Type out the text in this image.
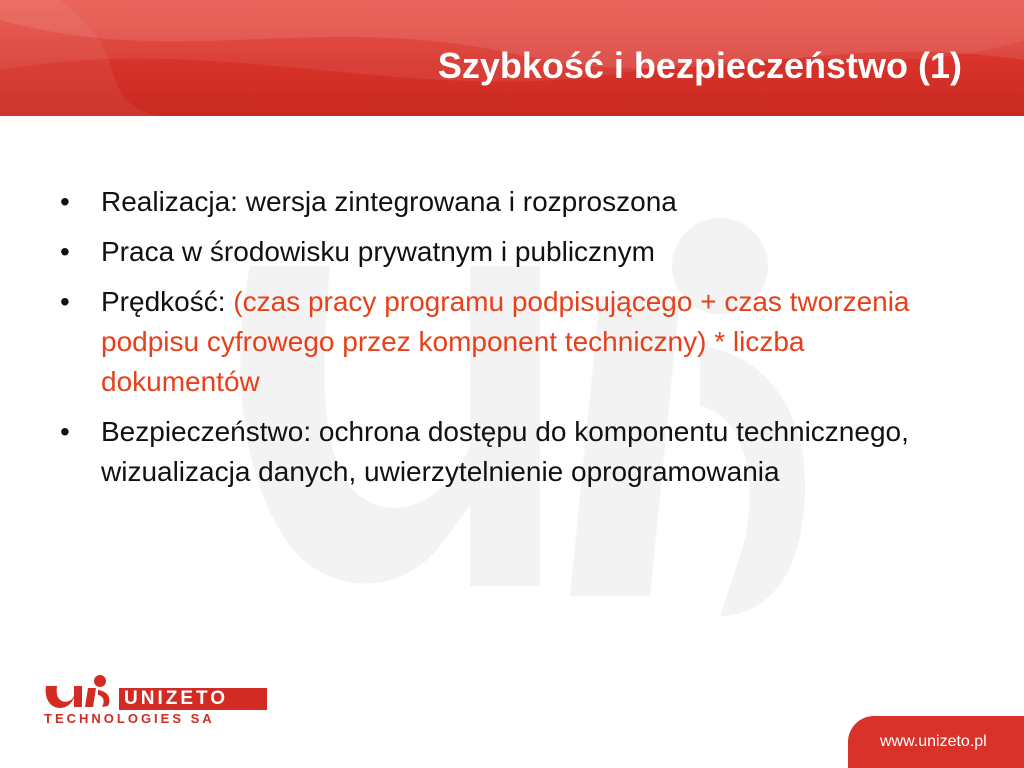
Szybkość i bezpieczeństwo (1)
• Realizacja: wersja zintegrowana i rozproszona
• Praca w środowisku prywatnym i publicznym
• Prędkość: (czas pracy programu podpisującego + czas tworzenia podpisu cyfrowego przez komponent techniczny) * liczba dokumentów
• Bezpieczeństwo: ochrona dostępu do komponentu technicznego, wizualizacja danych, uwierzytelnienie oprogramowania
UNIZETO
TECHNOLOGIES SA
www.unizeto.pl
